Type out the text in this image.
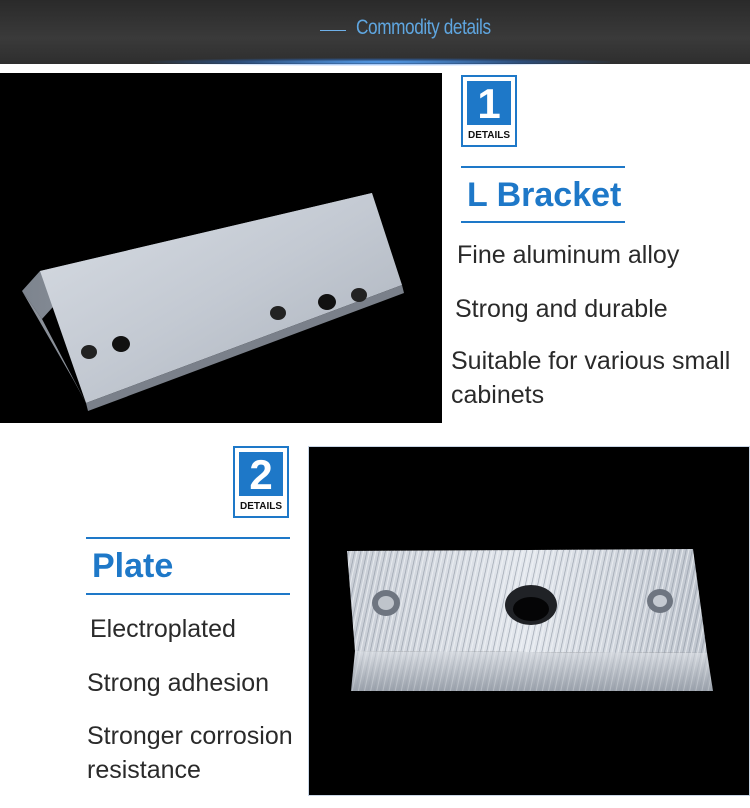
Commodity details
1
DETAILS
L Bracket
Fine aluminum alloy
Strong and durable
Suitable for various small
cabinets
2
DETAILS
Plate
Electroplated
Strong adhesion
Stronger corrosion
resistance
